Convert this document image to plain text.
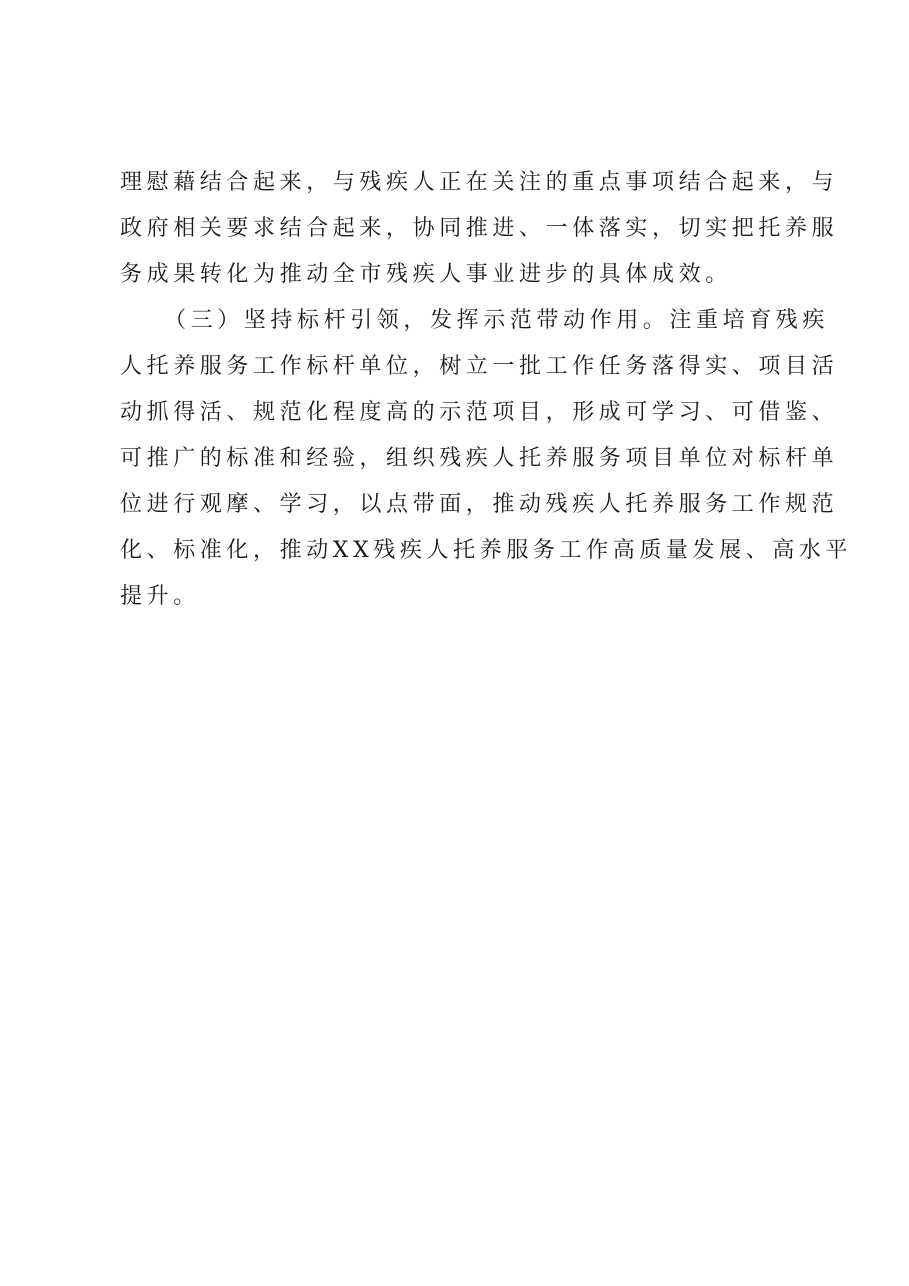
理慰藉结合起来，与残疾人正在关注的重点事项结合起来，与
政府相关要求结合起来，协同推进、一体落实，切实把托养服
务成果转化为推动全市残疾人事业进步的具体成效。
（三）坚持标杆引领，发挥示范带动作用。注重培育残疾
人托养服务工作标杆单位，树立一批工作任务落得实、项目活
动抓得活、规范化程度高的示范项目，形成可学习、可借鉴、
可推广的标准和经验，组织残疾人托养服务项目单位对标杆单
位进行观摩、学习，以点带面，推动残疾人托养服务工作规范
化、标准化，推动XX残疾人托养服务工作高质量发展、高水平
提升。
